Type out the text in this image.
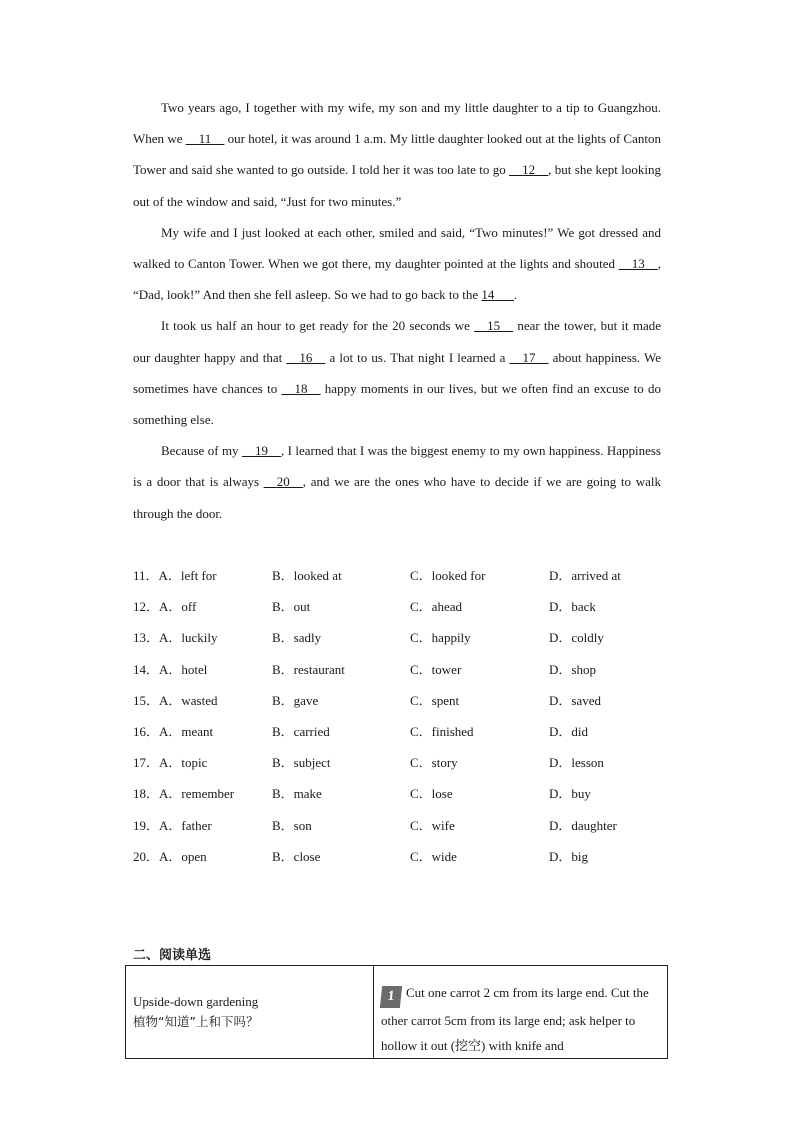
Two years ago, I together with my wife, my son and my little daughter to a tip to Guangzhou. When we __11__ our hotel, it was around 1 a.m. My little daughter looked out at the lights of Canton Tower and said she wanted to go outside. I told her it was too late to go __12__, but she kept looking out of the window and said, “Just for two minutes.”

My wife and I just looked at each other, smiled and said, “Two minutes!” We got dressed and walked to Canton Tower. When we got there, my daughter pointed at the lights and shouted __13__, “Dad, look!” And then she fell asleep. So we had to go back to the 14___.

It took us half an hour to get ready for the 20 seconds we __15__ near the tower, but it made our daughter happy and that __16__ a lot to us. That night I learned a __17__ about happiness. We sometimes have chances to __18__ happy moments in our lives, but we often find an excuse to do something else.

Because of my __19__, I learned that I was the biggest enemy to my own happiness. Happiness is a door that is always __20__, and we are the ones who have to decide if we are going to walk through the door.

11．A．left for	B．looked at	C．looked for	D．arrived at
12．A．off	B．out	C．ahead	D．back
13．A．luckily	B．sadly	C．happily	D．coldly
14．A．hotel	B．restaurant	C．tower	D．shop
15．A．wasted	B．gave	C．spent	D．saved
16．A．meant	B．carried	C．finished	D．did
17．A．topic	B．subject	C．story	D．lesson
18．A．remember	B．make	C．lose	D．buy
19．A．father	B．son	C．wife	D．daughter
20．A．open	B．close	C．wide	D．big
二、阅读单选
Upside-down gardening
植物“知道”上和下吗？
1 Cut one carrot 2 cm from its large end. Cut the other carrot 5cm from its large end; ask helper to hollow it out (挖空) with knife and
